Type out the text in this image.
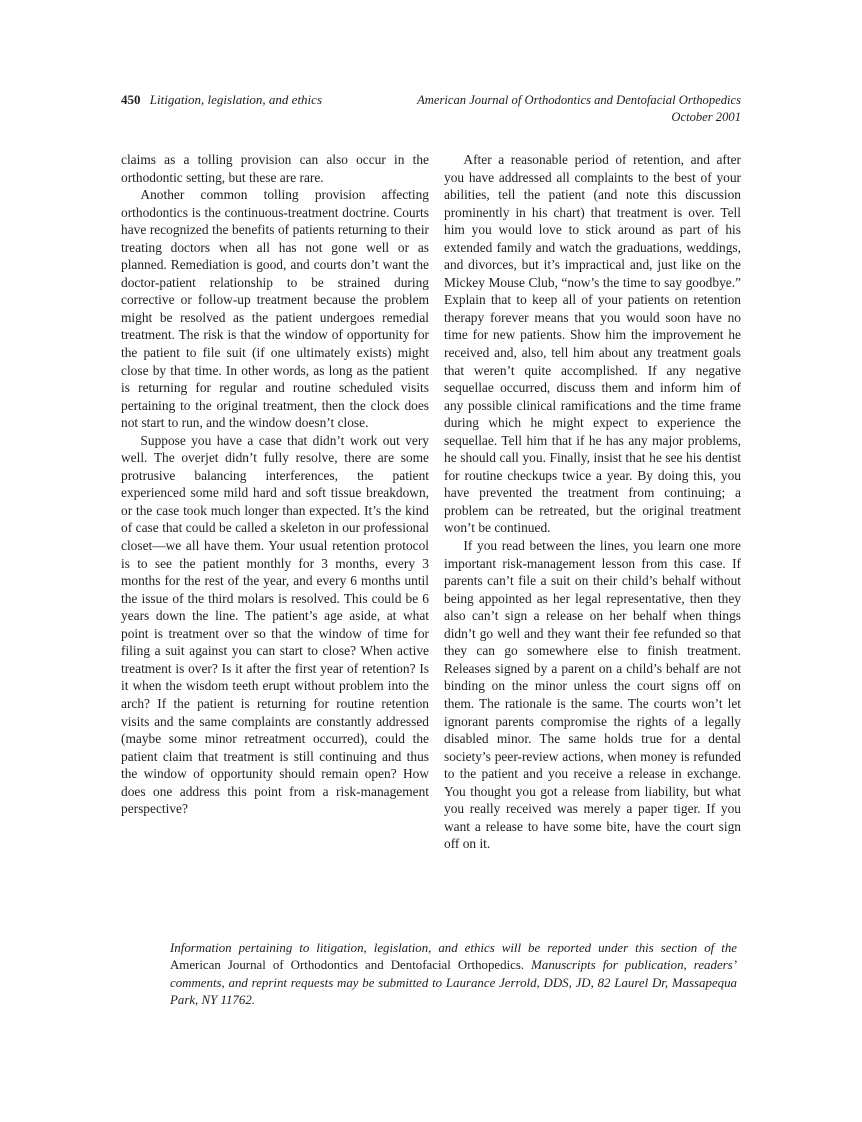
450 Litigation, legislation, and ethics	American Journal of Orthodontics and Dentofacial Orthopedics
October 2001

claims as a tolling provision can also occur in the orthodontic setting, but these are rare.

Another common tolling provision affecting orthodontics is the continuous-treatment doctrine. Courts have recognized the benefits of patients returning to their treating doctors when all has not gone well or as planned. Remediation is good, and courts don’t want the doctor-patient relationship to be strained during corrective or follow-up treatment because the problem might be resolved as the patient undergoes remedial treatment. The risk is that the window of opportunity for the patient to file suit (if one ultimately exists) might close by that time. In other words, as long as the patient is returning for regular and routine scheduled visits pertaining to the original treatment, then the clock does not start to run, and the window doesn’t close.

Suppose you have a case that didn’t work out very well. The overjet didn’t fully resolve, there are some protrusive balancing interferences, the patient experienced some mild hard and soft tissue breakdown, or the case took much longer than expected. It’s the kind of case that could be called a skeleton in our professional closet—we all have them. Your usual retention protocol is to see the patient monthly for 3 months, every 3 months for the rest of the year, and every 6 months until the issue of the third molars is resolved. This could be 6 years down the line. The patient’s age aside, at what point is treatment over so that the window of time for filing a suit against you can start to close? When active treatment is over? Is it after the first year of retention? Is it when the wisdom teeth erupt without problem into the arch? If the patient is returning for routine retention visits and the same complaints are constantly addressed (maybe some minor retreatment occurred), could the patient claim that treatment is still continuing and thus the window of opportunity should remain open? How does one address this point from a risk-management perspective?

After a reasonable period of retention, and after you have addressed all complaints to the best of your abilities, tell the patient (and note this discussion prominently in his chart) that treatment is over. Tell him you would love to stick around as part of his extended family and watch the graduations, weddings, and divorces, but it’s impractical and, just like on the Mickey Mouse Club, “now’s the time to say goodbye.” Explain that to keep all of your patients on retention therapy forever means that you would soon have no time for new patients. Show him the improvement he received and, also, tell him about any treatment goals that weren’t quite accomplished. If any negative sequellae occurred, discuss them and inform him of any possible clinical ramifications and the time frame during which he might expect to experience the sequellae. Tell him that if he has any major problems, he should call you. Finally, insist that he see his dentist for routine checkups twice a year. By doing this, you have prevented the treatment from continuing; a problem can be retreated, but the original treatment won’t be continued.

If you read between the lines, you learn one more important risk-management lesson from this case. If parents can’t file a suit on their child’s behalf without being appointed as her legal representative, then they also can’t sign a release on her behalf when things didn’t go well and they want their fee refunded so that they can go somewhere else to finish treatment. Releases signed by a parent on a child’s behalf are not binding on the minor unless the court signs off on them. The rationale is the same. The courts won’t let ignorant parents compromise the rights of a legally disabled minor. The same holds true for a dental society’s peer-review actions, when money is refunded to the patient and you receive a release in exchange. You thought you got a release from liability, but what you really received was merely a paper tiger. If you want a release to have some bite, have the court sign off on it.

Information pertaining to litigation, legislation, and ethics will be reported under this section of the American Journal of Orthodontics and Dentofacial Orthopedics. Manuscripts for publication, readers’ comments, and reprint requests may be submitted to Laurance Jerrold, DDS, JD, 82 Laurel Dr, Massapequa Park, NY 11762.
